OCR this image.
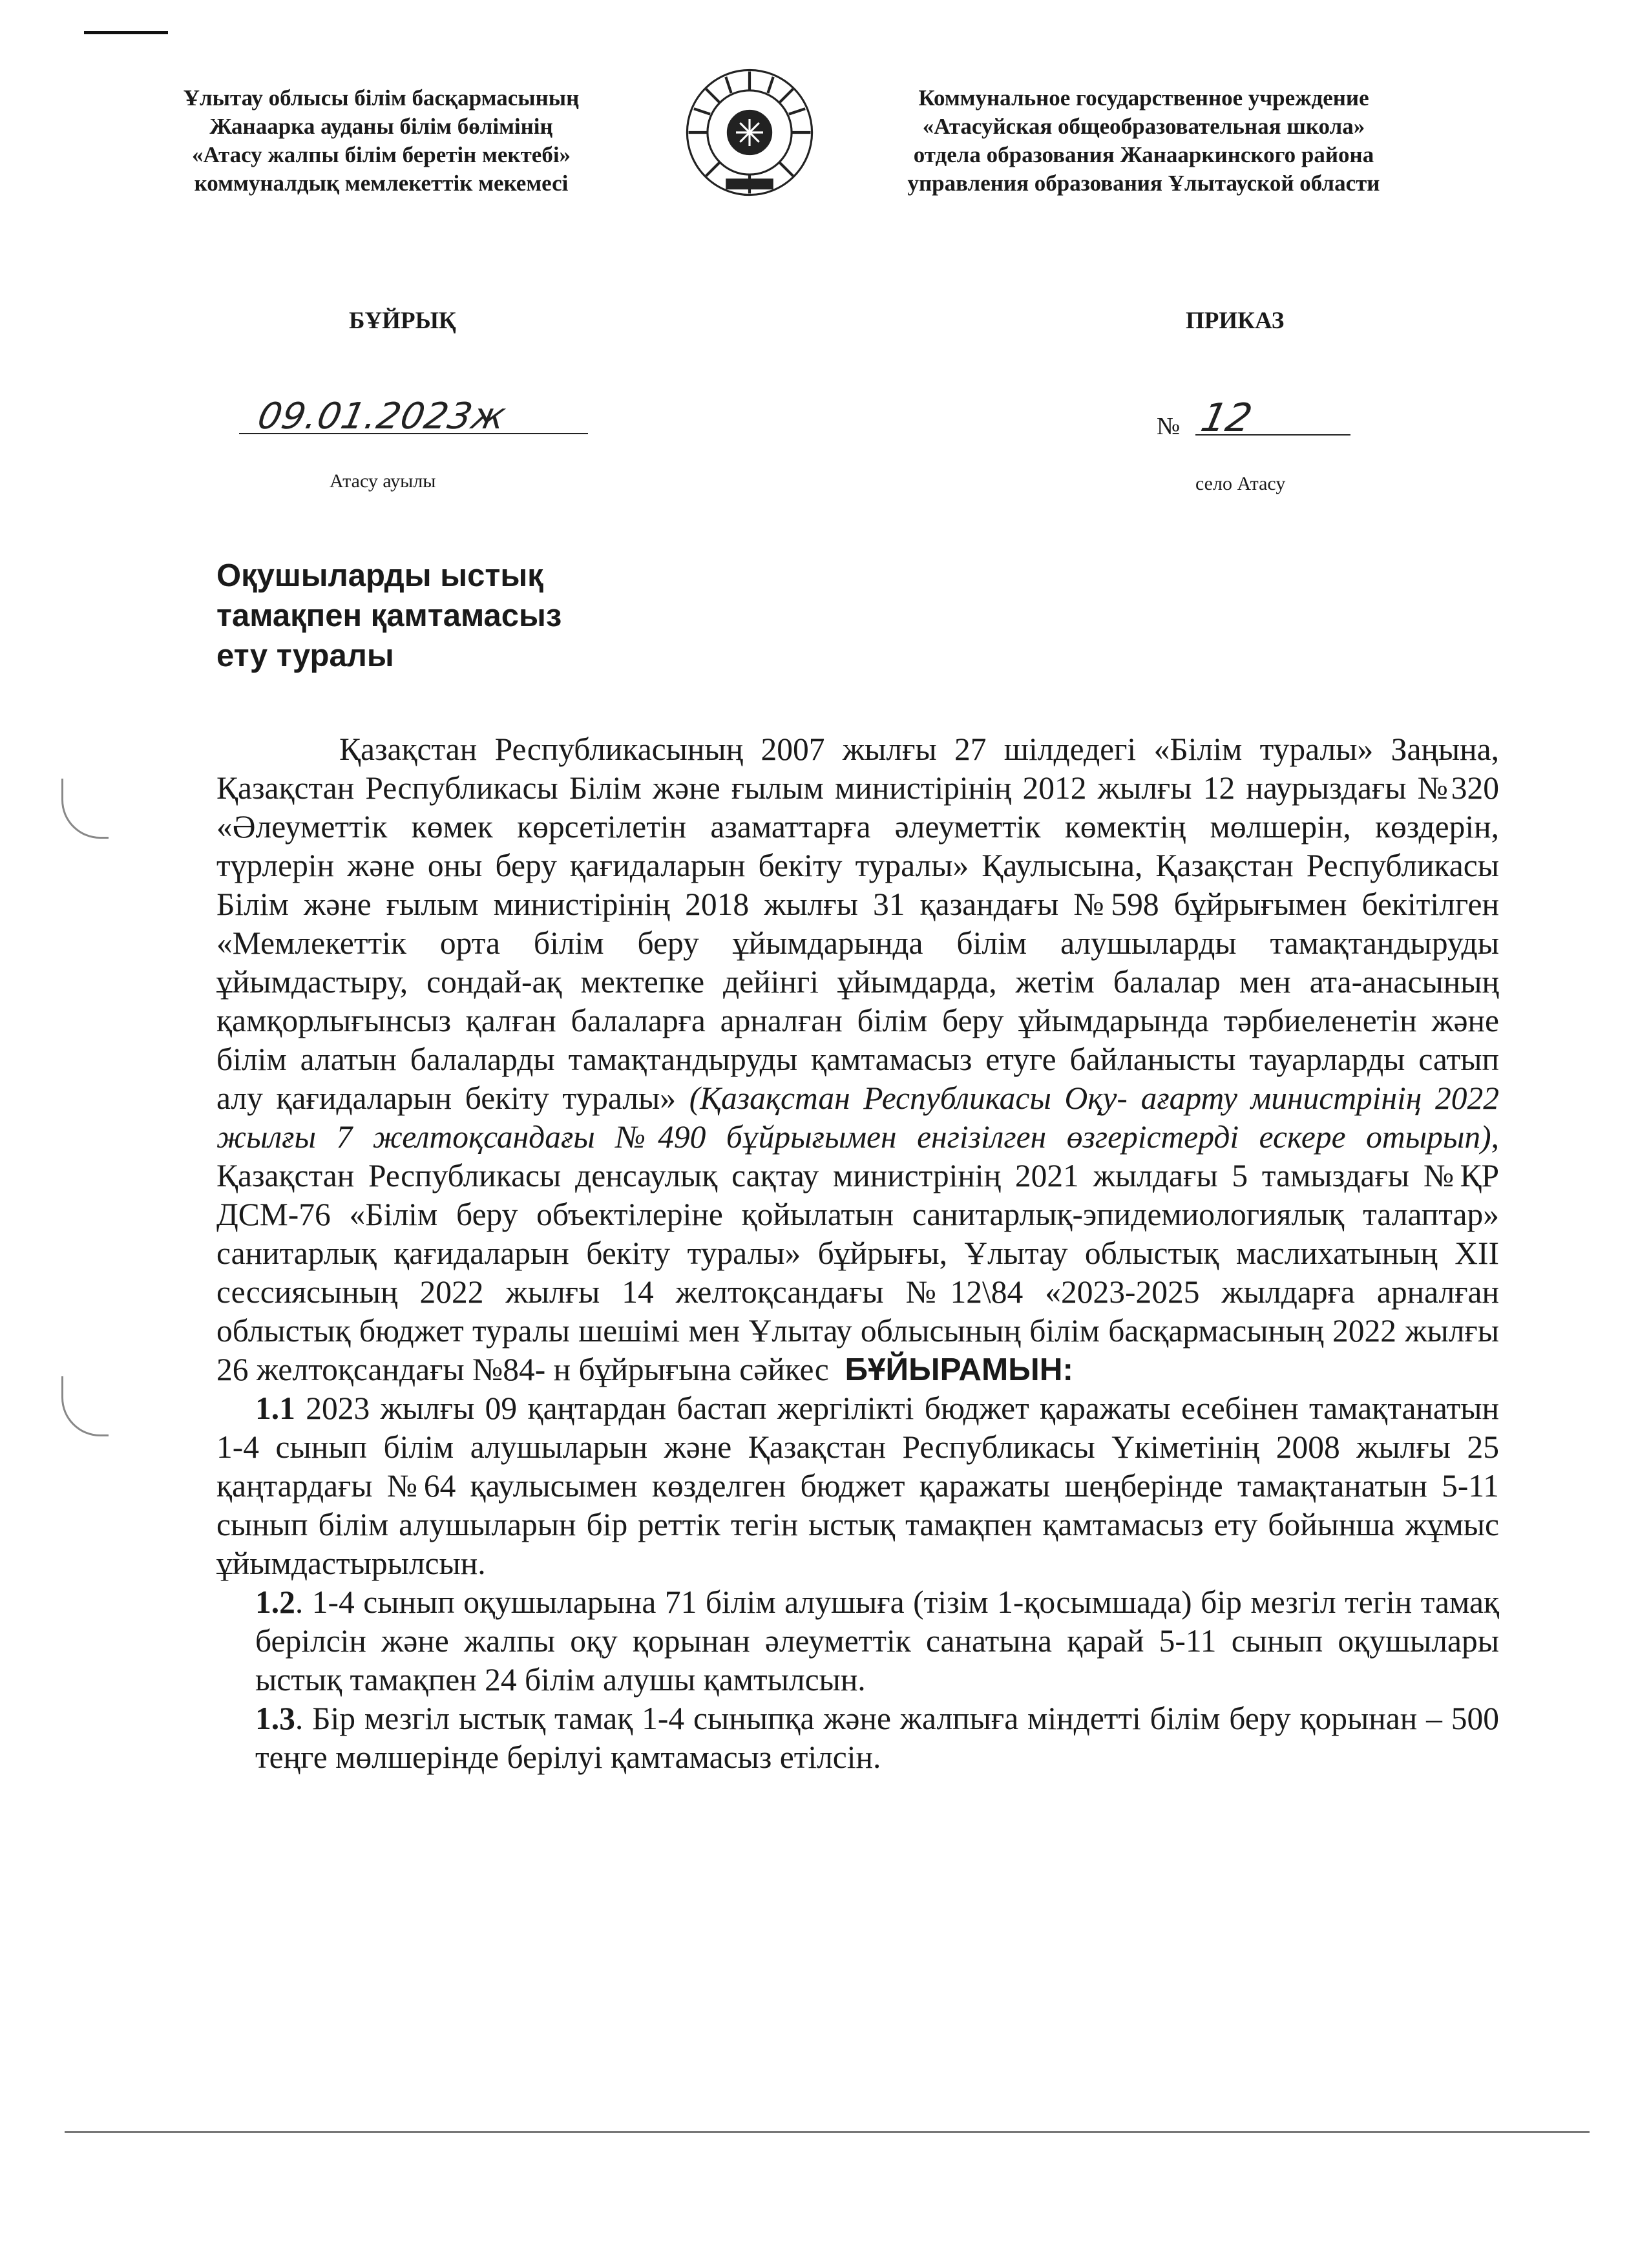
Ұлытау облысы білім басқармасының
Жанаарка ауданы білім бөлімінің
«Атасу жалпы білім беретін мектебі»
коммуналдық мемлекеттік мекемесі
Коммунальное государственное учреждение
«Атасуйская общеобразовательная школа»
отдела образования Жанааркинского района
управления образования Ұлытауской области
БҰЙРЫҚ	ПРИКАЗ
09.01.2023ж	№ 12
Атасу ауылы	село Атасу
Оқушыларды ыстық
тамақпен қамтамасыз
ету туралы

Қазақстан Республикасының 2007 жылғы 27 шілдедегі «Білім туралы» Заңына, Қазақстан Республикасы Білім және ғылым министірінің 2012 жылғы 12 наурыздағы №320 «Әлеуметтік көмек көрсетілетін азаматтарға әлеуметтік көмектің мөлшерін, көздерін, түрлерін және оны беру қағидаларын бекіту туралы» Қаулысына, Қазақстан Республикасы Білім және ғылым министірінің 2018 жылғы 31 қазандағы №598 бұйрығымен бекітілген «Мемлекеттік орта білім беру ұйымдарында білім алушыларды тамақтандыруды ұйымдастыру, сондай-ақ мектепке дейінгі ұйымдарда, жетім балалар мен ата-анасының қамқорлығынсыз қалған балаларға арналған білім беру ұйымдарында тәрбиеленетін және білім алатын балаларды тамақтандыруды қамтамасыз етуге байланысты тауарларды сатып алу қағидаларын бекіту туралы» (Қазақстан Республикасы Оқу- ағарту министрінің 2022 жылғы 7 желтоқсандағы №490 бұйрығымен енгізілген өзгерістерді ескере отырып), Қазақстан Республикасы денсаулық сақтау министрінің 2021 жылдағы 5 тамыздағы №ҚР ДСМ-76 «Білім беру объектілеріне қойылатын санитарлық-эпидемиологиялық талаптар» санитарлық қағидаларын бекіту туралы» бұйрығы, Ұлытау облыстық маслихатының XII сессиясының 2022 жылғы 14 желтоқсандағы №12\84 «2023-2025 жылдарға арналған облыстық бюджет туралы шешімі мен Ұлытау облысының білім басқармасының 2022 жылғы 26 желтоқсандағы №84- н бұйрығына сәйкес БҰЙЫРАМЫН:

1.1 2023 жылғы 09 қаңтардан бастап жергілікті бюджет қаражаты есебінен тамақтанатын 1-4 сынып білім алушыларын және Қазақстан Республикасы Үкіметінің 2008 жылғы 25 қаңтардағы №64 қаулысымен көзделген бюджет қаражаты шеңберінде тамақтанатын 5-11 сынып білім алушыларын бір реттік тегін ыстық тамақпен қамтамасыз ету бойынша жұмыс ұйымдастырылсын.

1.2. 1-4 сынып оқушыларына 71 білім алушыға (тізім 1-қосымшада) бір мезгіл тегін тамақ берілсін және жалпы оқу қорынан әлеуметтік санатына қарай 5-11 сынып оқушылары ыстық тамақпен 24 білім алушы қамтылсын.

1.3. Бір мезгіл ыстық тамақ 1-4 сыныпқа және жалпыға міндетті білім беру қорынан – 500 теңге мөлшерінде берілуі қамтамасыз етілсін.
